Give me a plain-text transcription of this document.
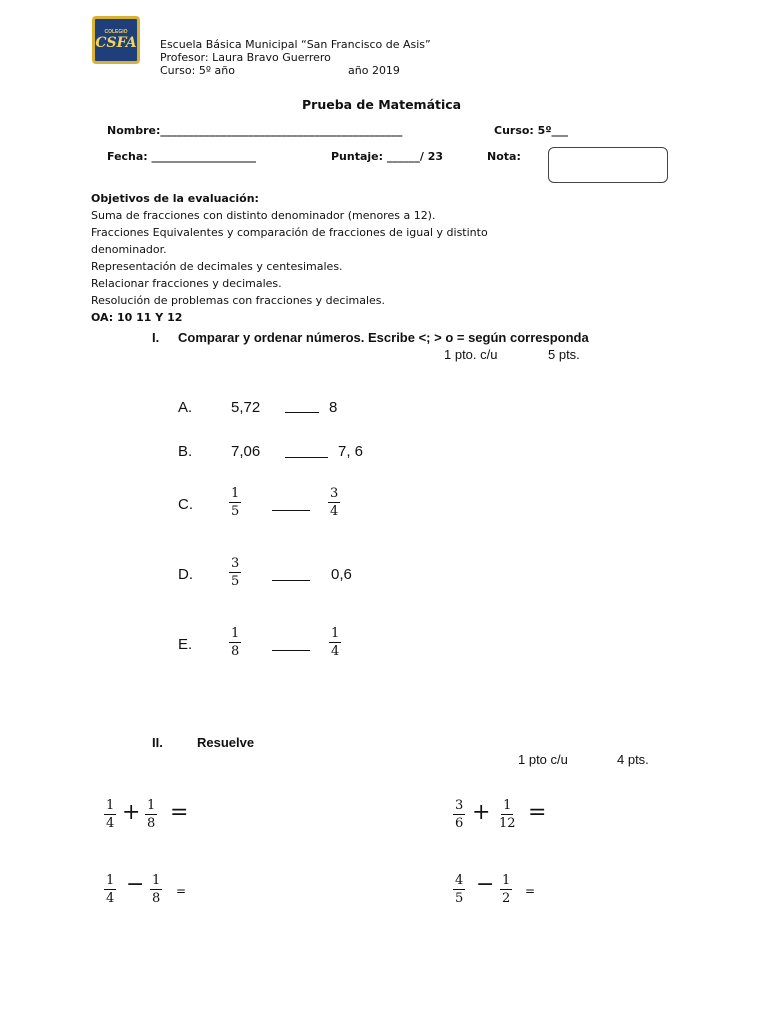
COLEGIO
CSFA Escuela Básica Municipal “San Francisco de Asis”
Profesor: Laura Bravo Guerrero
Curso: 5º año	año 2019
Prueba de Matemática
Nombre:____________________________________________	Curso: 5º___
Fecha: ___________________	Puntaje: ______/ 23	Nota:
Objetivos de la evaluación:
Suma de fracciones con distinto denominador (menores a 12).
Fracciones Equivalentes y comparación de fracciones de igual y distinto
denominador.
Representación de decimales y centesimales.
Relacionar fracciones y decimales.
Resolución de problemas con fracciones y decimales.
OA: 10 11 Y 12
I. Comparar y ordenar números. Escribe <; > o = según corresponda
1 pto. c/u	5 pts.
A.	5,72	8
B.	7,06	7, 6
C.	$\frac{1}{5}$	$\frac{3}{4}$
D.	$\frac{3}{5}$	0,6
E.	$\frac{1}{8}$	$\frac{1}{4}$
II.	Resuelve
1 pto c/u	4 pts.
$\frac{1}{4} + \frac{1}{8}$ =	$\frac{3}{6} + \frac{1}{12}$ =
$\frac{1}{4} - \frac{1}{8}$ =	$\frac{4}{5} - \frac{1}{2}$ =
